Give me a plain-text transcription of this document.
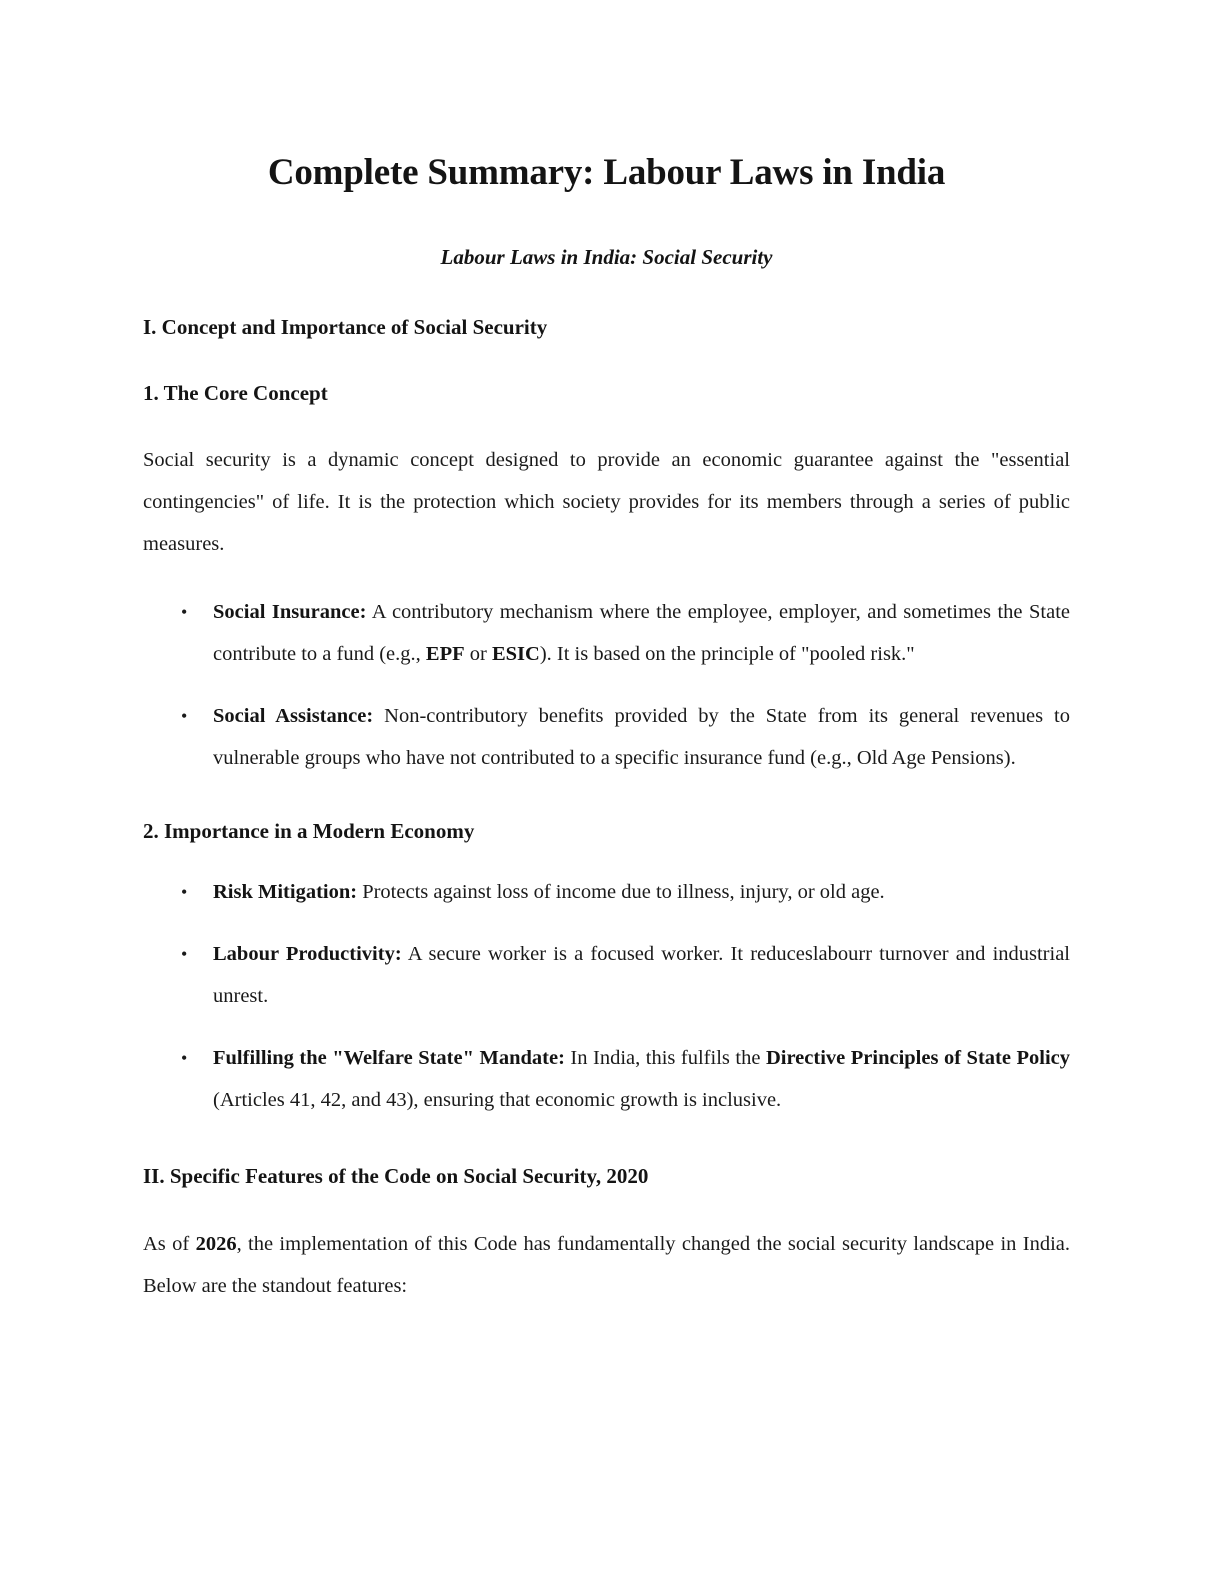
Complete Summary: Labour Laws in India
Labour Laws in India: Social Security
I. Concept and Importance of Social Security
1. The Core Concept

Social security is a dynamic concept designed to provide an economic guarantee against the "essential contingencies" of life. It is the protection which society provides for its members through a series of public measures.

• Social Insurance: A contributory mechanism where the employee, employer, and sometimes the State contribute to a fund (e.g., EPF or ESIC). It is based on the principle of "pooled risk."
• Social Assistance: Non-contributory benefits provided by the State from its general revenues to vulnerable groups who have not contributed to a specific insurance fund (e.g., Old Age Pensions).
2. Importance in a Modern Economy
• Risk Mitigation: Protects against loss of income due to illness, injury, or old age.
• Labour Productivity: A secure worker is a focused worker. It reduceslabourr turnover and industrial unrest.
• Fulfilling the "Welfare State" Mandate: In India, this fulfils the Directive Principles of State Policy (Articles 41, 42, and 43), ensuring that economic growth is inclusive.
II. Specific Features of the Code on Social Security, 2020

As of 2026, the implementation of this Code has fundamentally changed the social security landscape in India. Below are the standout features:
